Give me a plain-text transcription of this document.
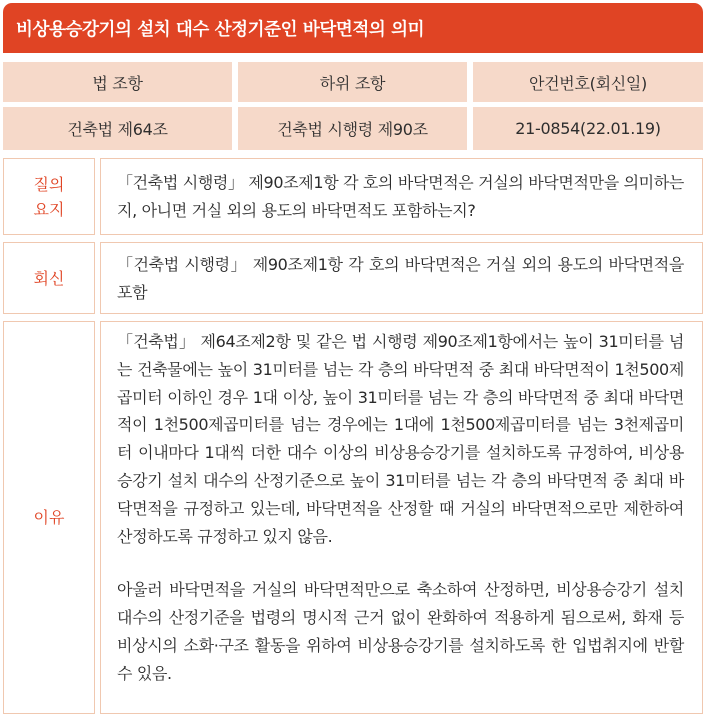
비상용승강기의 설치 대수 산정기준인 바닥면적의 의미
법 조항	하위 조항	안건번호(회신일)
건축법 제64조	건축법 시행령 제90조	21-0854(22.01.19)
질의
요지

「건축법 시행령」 제90조제1항 각 호의 바닥면적은 거실의 바닥면적만을 의미하는지, 아니면 거실 외의 용도의 바닥면적도 포함하는지?

회신

「건축법 시행령」 제90조제1항 각 호의 바닥면적은 거실 외의 용도의 바닥면적을 포함

이유

「건축법」 제64조제2항 및 같은 법 시행령 제90조제1항에서는 높이 31미터를 넘는 건축물에는 높이 31미터를 넘는 각 층의 바닥면적 중 최대 바닥면적이 1천500제곱미터 이하인 경우 1대 이상, 높이 31미터를 넘는 각 층의 바닥면적 중 최대 바닥면적이 1천500제곱미터를 넘는 경우에는 1대에 1천500제곱미터를 넘는 3천제곱미터 이내마다 1대씩 더한 대수 이상의 비상용승강기를 설치하도록 규정하여, 비상용승강기 설치 대수의 산정기준으로 높이 31미터를 넘는 각 층의 바닥면적 중 최대 바닥면적을 규정하고 있는데, 바닥면적을 산정할 때 거실의 바닥면적으로만 제한하여 산정하도록 규정하고 있지 않음.

아울러 바닥면적을 거실의 바닥면적만으로 축소하여 산정하면, 비상용승강기 설치 대수의 산정기준을 법령의 명시적 근거 없이 완화하여 적용하게 됨으로써, 화재 등 비상시의 소화·구조 활동을 위하여 비상용승강기를 설치하도록 한 입법취지에 반할 수 있음.
